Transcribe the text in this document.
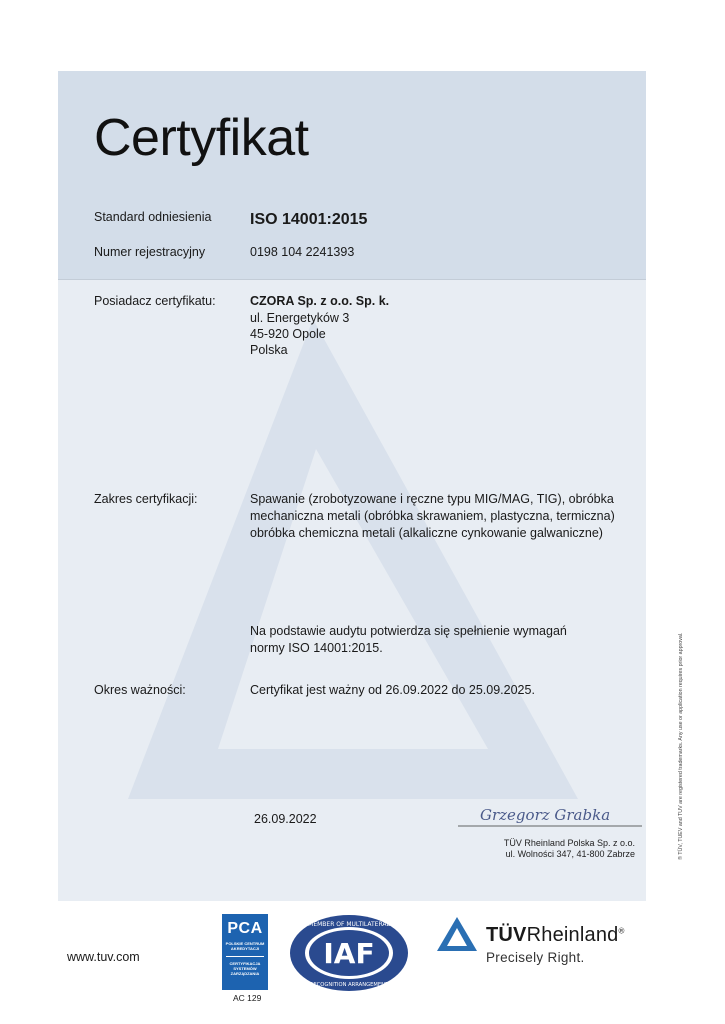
Certyfikat
Standard odniesienia ISO 14001:2015
Numer rejestracyjny	0198 104 2241393
Posiadacz certyfikatu:	CZORA Sp. z o.o. Sp. k.
ul. Energetyków 3
45-920 Opole
Polska
Zakres certyfikacji:	Spawanie (zrobotyzowane i ręczne typu MIG/MAG, TIG), obróbka
mechaniczna metali (obróbka skrawaniem, plastyczna, termiczna)
obróbka chemiczna metali (alkaliczne cynkowanie galwaniczne)
Na podstawie audytu potwierdza się spełnienie wymagań
normy ISO 14001:2015.
Okres ważności:	Certyfikat jest ważny od 26.09.2022 do 25.09.2025.
26.09.2022	Grzegorz Grabka
TÜV Rheinland Polska Sp. z o.o.
ul. Wolności 347, 41-800 Zabrze	® TÜV, TUEV and TUV are registered trademarks. Any use or application requires prior approval.
www.tuv.com
PCA
POLSKIE CENTRUM AKREDYTACJI
CERTYFIKACJA SYSTEMÓW ZARZĄDZANIA
AC 129
MEMBER OF MULTILATERAL
IAF
RECOGNITION ARRANGEMENT
TÜVRheinland®
Precisely Right.
